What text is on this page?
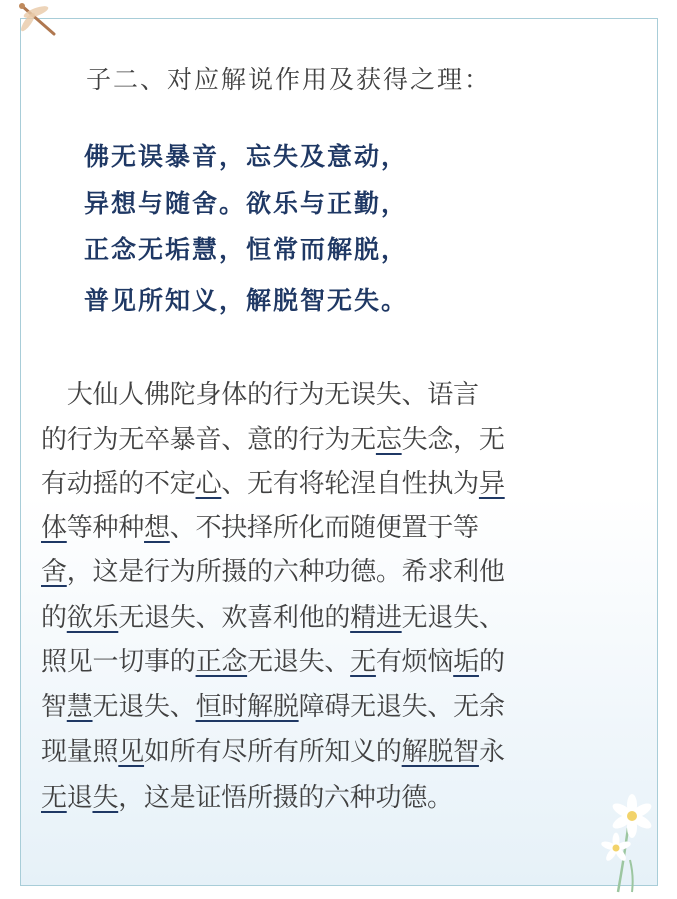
子二、对应解说作用及获得之理：
佛无误暴音，忘失及意动，
异想与随舍。欲乐与正勤，
正念无垢慧，恒常而解脱，
普见所知义，解脱智无失。
　大仙人佛陀身体的行为无误失、语言
的行为无卒暴音、意的行为无忘失念，无
有动摇的不定心、无有将轮涅自性执为异
体等种种想、不抉择所化而随便置于等
舍，这是行为所摄的六种功德。希求利他
的欲乐无退失、欢喜利他的精进无退失、
照见一切事的正念无退失、无有烦恼垢的
智慧无退失、恒时解脱障碍无退失、无余
现量照见如所有尽所有所知义的解脱智永
无退失，这是证悟所摄的六种功德。
